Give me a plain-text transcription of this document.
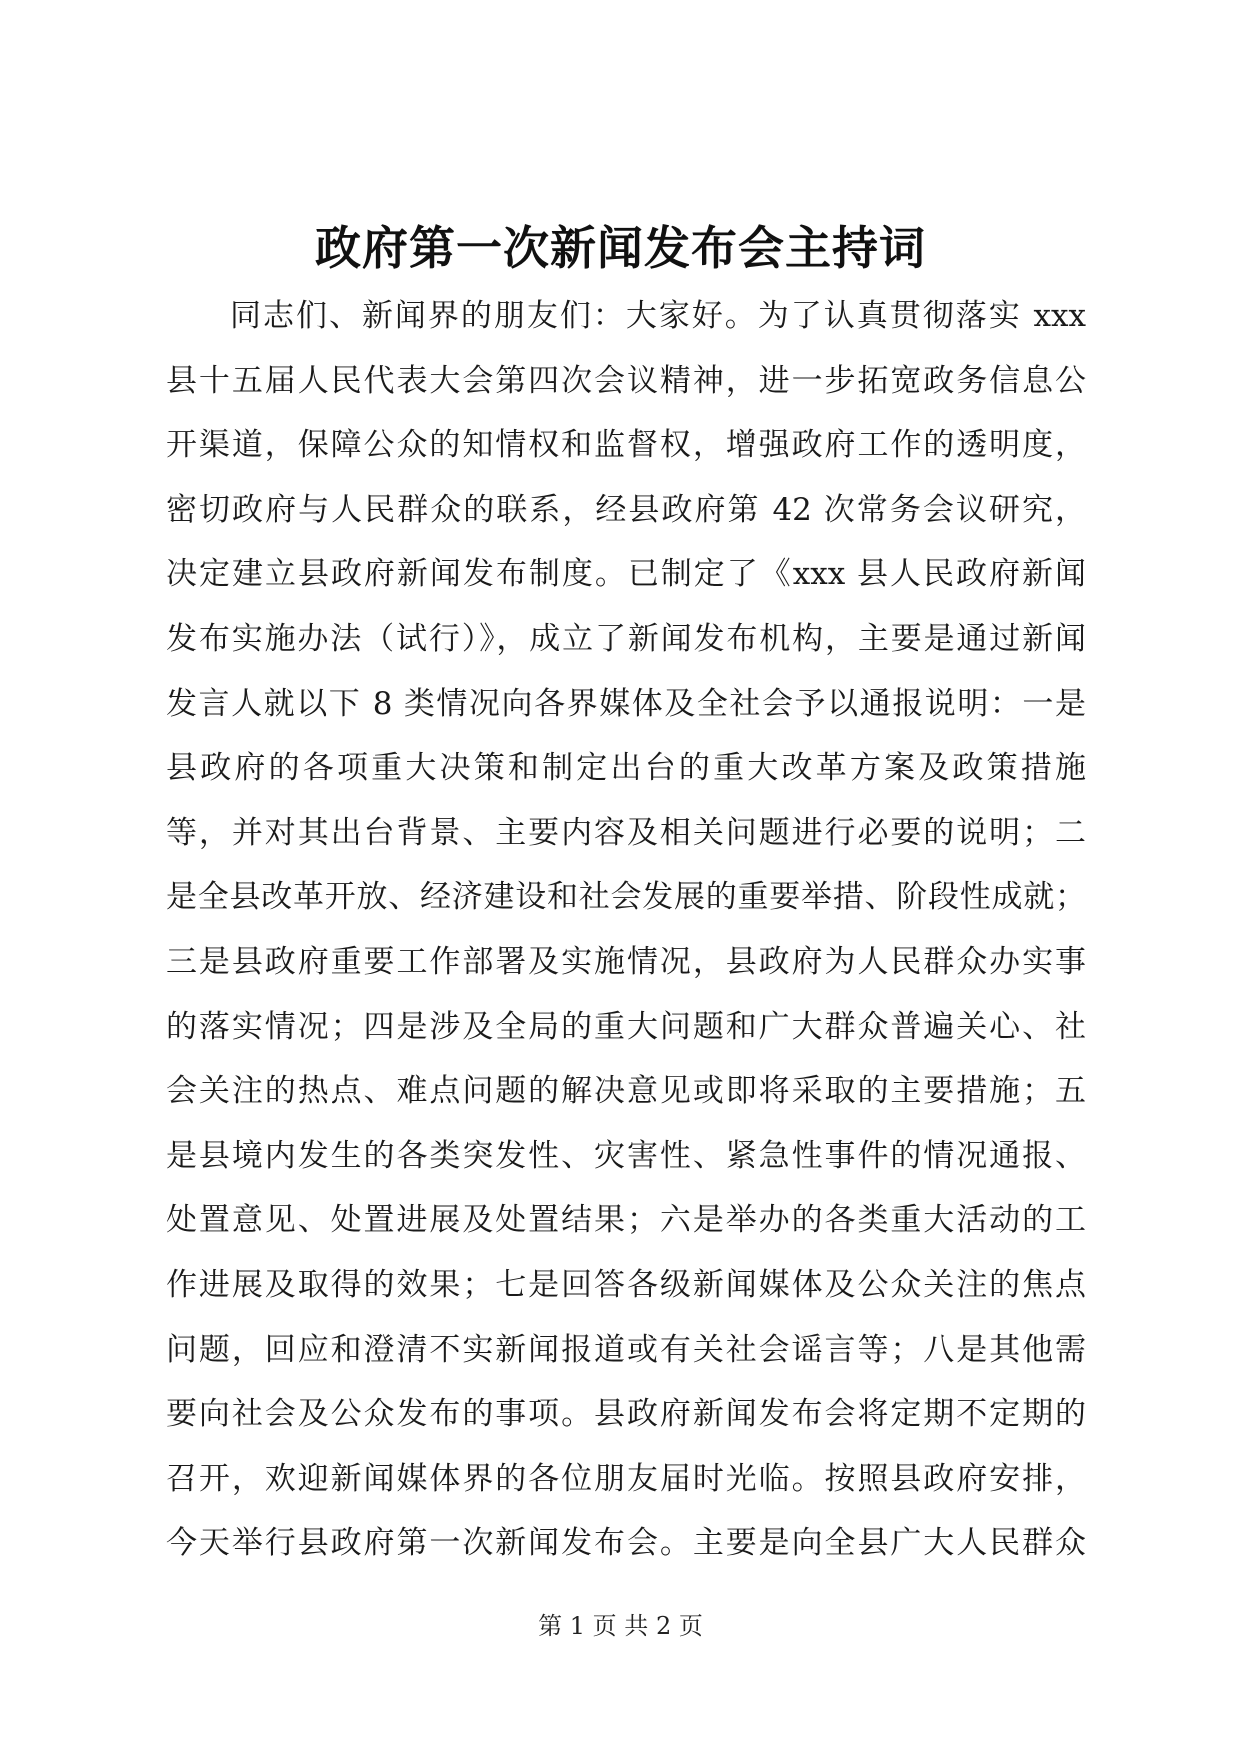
政府第一次新闻发布会主持词
同志们、新闻界的朋友们：大家好。为了认真贯彻落实 xxx
县十五届人民代表大会第四次会议精神，进一步拓宽政务信息公
开渠道，保障公众的知情权和监督权，增强政府工作的透明度，
密切政府与人民群众的联系，经县政府第 42 次常务会议研究，
决定建立县政府新闻发布制度。已制定了《xxx 县人民政府新闻
发布实施办法（试行）》，成立了新闻发布机构，主要是通过新闻
发言人就以下 8 类情况向各界媒体及全社会予以通报说明：一是
县政府的各项重大决策和制定出台的重大改革方案及政策措施
等，并对其出台背景、主要内容及相关问题进行必要的说明；二
是全县改革开放、经济建设和社会发展的重要举措、阶段性成就；
三是县政府重要工作部署及实施情况，县政府为人民群众办实事
的落实情况；四是涉及全局的重大问题和广大群众普遍关心、社
会关注的热点、难点问题的解决意见或即将采取的主要措施；五
是县境内发生的各类突发性、灾害性、紧急性事件的情况通报、
处置意见、处置进展及处置结果；六是举办的各类重大活动的工
作进展及取得的效果；七是回答各级新闻媒体及公众关注的焦点
问题，回应和澄清不实新闻报道或有关社会谣言等；八是其他需
要向社会及公众发布的事项。县政府新闻发布会将定期不定期的
召开，欢迎新闻媒体界的各位朋友届时光临。按照县政府安排，
今天举行县政府第一次新闻发布会。主要是向全县广大人民群众
第 1 页 共 2 页
